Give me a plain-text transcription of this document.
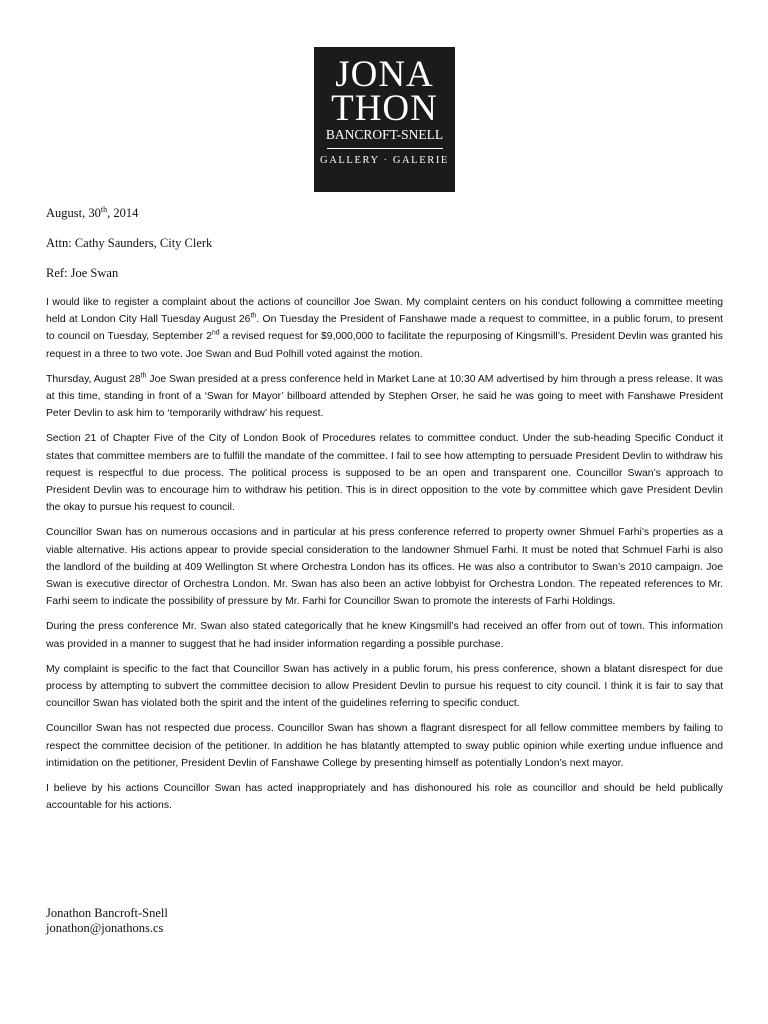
JONA
THON
BANCROFT-SNELL
GALLERY · GALERIE
August, 30th, 2014
Attn: Cathy Saunders, City Clerk
Ref: Joe Swan

I would like to register a complaint about the actions of councillor Joe Swan. My complaint centers on his conduct following a committee meeting held at London City Hall Tuesday August 26th. On Tuesday the President of Fanshawe made a request to committee, in a public forum, to present to council on Tuesday, September 2nd a revised request for $9,000,000 to facilitate the repurposing of Kingsmill’s. President Devlin was granted his request in a three to two vote. Joe Swan and Bud Polhill voted against the motion.

Thursday, August 28th Joe Swan presided at a press conference held in Market Lane at 10:30 AM advertised by him through a press release. It was at this time, standing in front of a ‘Swan for Mayor’ billboard attended by Stephen Orser, he said he was going to meet with Fanshawe President Peter Devlin to ask him to ‘temporarily withdraw’ his request.

Section 21 of Chapter Five of the City of London Book of Procedures relates to committee conduct. Under the sub-heading Specific Conduct it states that committee members are to fulfill the mandate of the committee. I fail to see how attempting to persuade President Devlin to withdraw his request is respectful to due process. The political process is supposed to be an open and transparent one. Councillor Swan’s approach to President Devlin was to encourage him to withdraw his petition. This is in direct opposition to the vote by committee which gave President Devlin the okay to pursue his request to council.

Councillor Swan has on numerous occasions and in particular at his press conference referred to property owner Shmuel Farhi’s properties as a viable alternative. His actions appear to provide special consideration to the landowner Shmuel Farhi. It must be noted that Schmuel Farhi is also the landlord of the building at 409 Wellington St where Orchestra London has its offices. He was also a contributor to Swan’s 2010 campaign. Joe Swan is executive director of Orchestra London. Mr. Swan has also been an active lobbyist for Orchestra London. The repeated references to Mr. Farhi seem to indicate the possibility of pressure by Mr. Farhi for Councillor Swan to promote the interests of Farhi Holdings.

During the press conference Mr. Swan also stated categorically that he knew Kingsmill’s had received an offer from out of town. This information was provided in a manner to suggest that he had insider information regarding a possible purchase.

My complaint is specific to the fact that Councillor Swan has actively in a public forum, his press conference, shown a blatant disrespect for due process by attempting to subvert the committee decision to allow President Devlin to pursue his request to city council. I think it is fair to say that councillor Swan has violated both the spirit and the intent of the guidelines referring to specific conduct.

Councillor Swan has not respected due process. Councillor Swan has shown a flagrant disrespect for all fellow committee members by failing to respect the committee decision of the petitioner. In addition he has blatantly attempted to sway public opinion while exerting undue influence and intimidation on the petitioner, President Devlin of Fanshawe College by presenting himself as potentially London’s next mayor.

I believe by his actions Councillor Swan has acted inappropriately and has dishonoured his role as councillor and should be held publically accountable for his actions.

Jonathon Bancroft-Snell
jonathon@jonathons.cs
